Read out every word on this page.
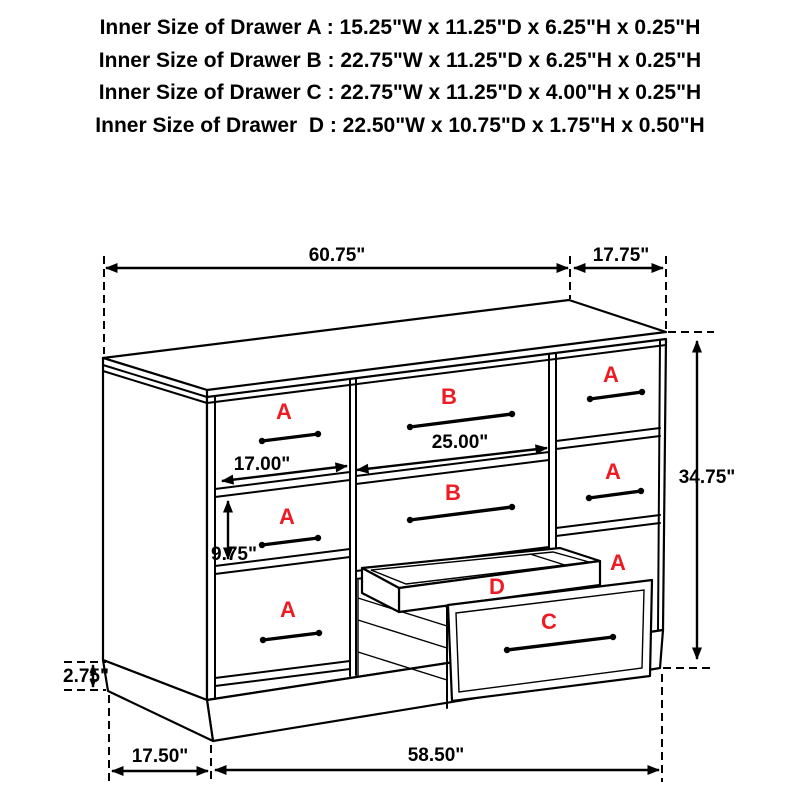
Inner Size of Drawer A : 15.25"W x 11.25"D x 6.25"H x 0.25"H
Inner Size of Drawer B : 22.75"W x 11.25"D x 6.25"H x 0.25"H
Inner Size of Drawer C : 22.75"W x 11.25"D x 4.00"H x 0.25"H
Inner Size of Drawer  D : 22.50"W x 10.75"D x 1.75"H x 0.50"H
A
A
A
B
B
A
A
A
C
D
60.75"	17.75"
34.75"
17.00"
25.00"
9.75"
2.75"
17.50"	58.50"
